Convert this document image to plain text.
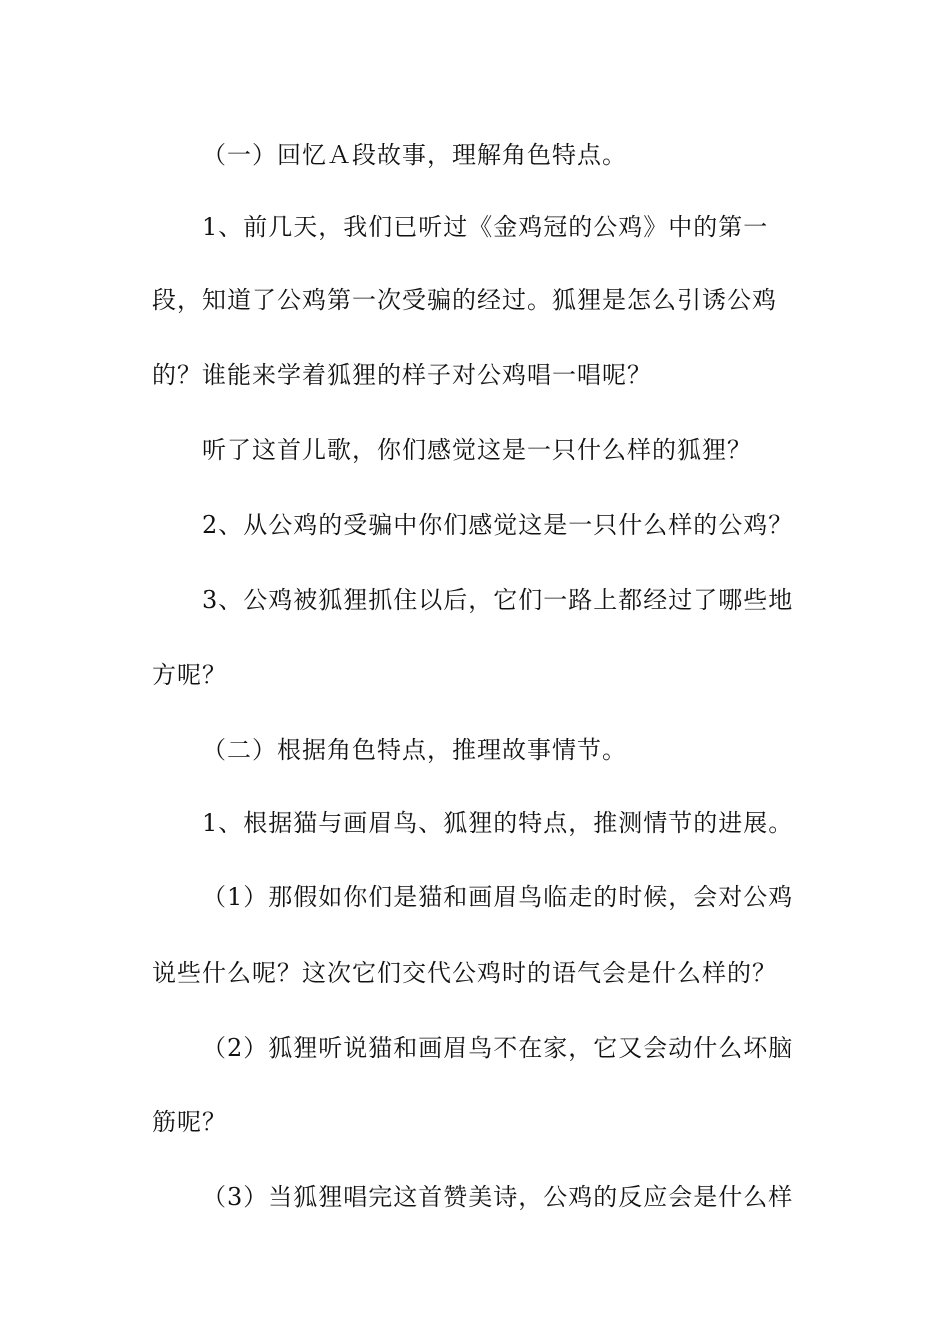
（一）回忆Ａ段故事，理解角色特点。
1、前几天，我们已听过《金鸡冠的公鸡》中的第一
段，知道了公鸡第一次受骗的经过。狐狸是怎么引诱公鸡
的？谁能来学着狐狸的样子对公鸡唱一唱呢？
听了这首儿歌，你们感觉这是一只什么样的狐狸？
2、从公鸡的受骗中你们感觉这是一只什么样的公鸡？
3、公鸡被狐狸抓住以后，它们一路上都经过了哪些地
方呢？
（二）根据角色特点，推理故事情节。
1、根据猫与画眉鸟、狐狸的特点，推测情节的进展。
（1）那假如你们是猫和画眉鸟临走的时候，会对公鸡
说些什么呢？这次它们交代公鸡时的语气会是什么样的？
（2）狐狸听说猫和画眉鸟不在家，它又会动什么坏脑
筋呢？
（3）当狐狸唱完这首赞美诗，公鸡的反应会是什么样
